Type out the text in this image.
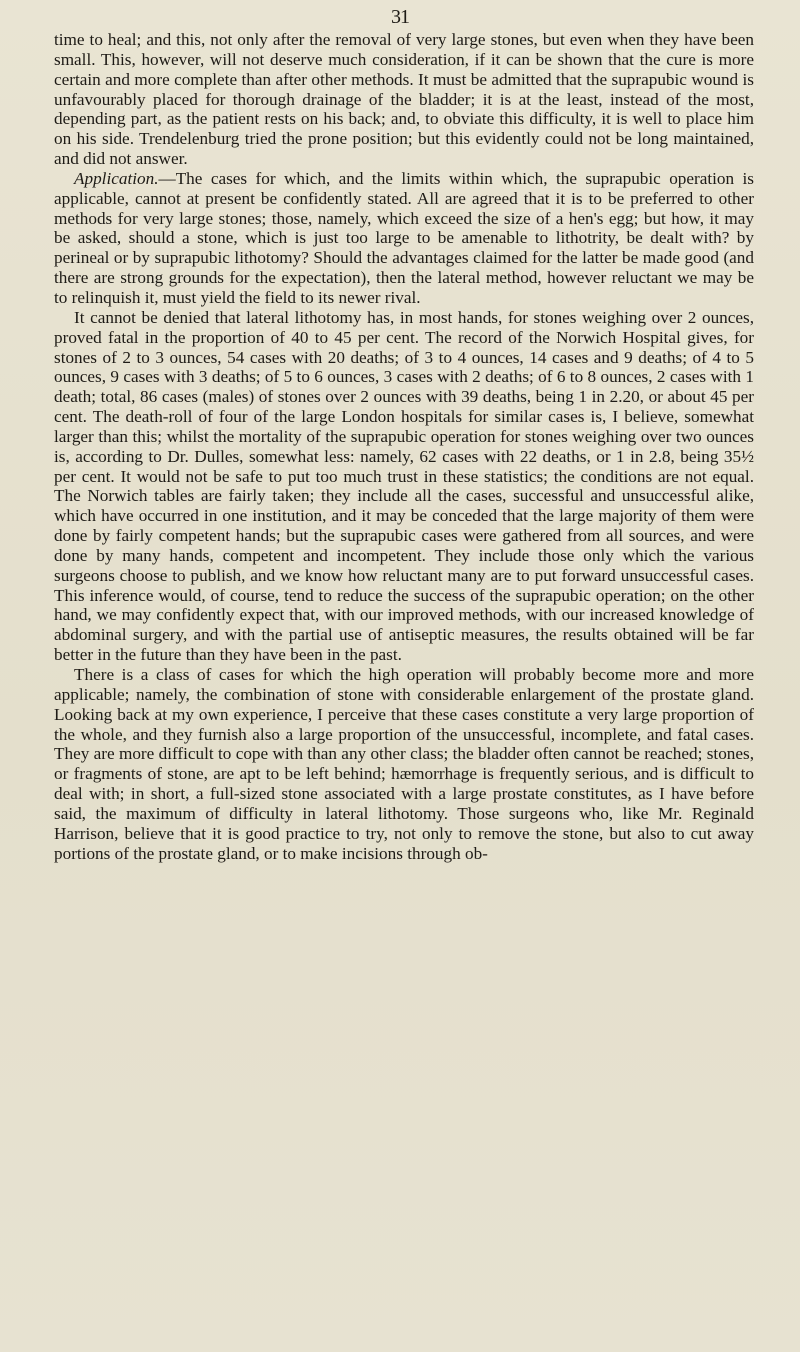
31

time to heal; and this, not only after the removal of very large stones, but even when they have been small. This, however, will not deserve much consideration, if it can be shown that the cure is more certain and more complete than after other methods. It must be admitted that the suprapubic wound is unfavourably placed for thorough drainage of the bladder; it is at the least, instead of the most, depending part, as the patient rests on his back; and, to obviate this difficulty, it is well to place him on his side. Trendelenburg tried the prone position; but this evidently could not be long maintained, and did not answer.

Application.—The cases for which, and the limits within which, the suprapubic operation is applicable, cannot at present be confidently stated. All are agreed that it is to be preferred to other methods for very large stones; those, namely, which exceed the size of a hen's egg; but how, it may be asked, should a stone, which is just too large to be amenable to lithotrity, be dealt with? by perineal or by suprapubic lithotomy? Should the advantages claimed for the latter be made good (and there are strong grounds for the expectation), then the lateral method, however reluctant we may be to relinquish it, must yield the field to its newer rival.

It cannot be denied that lateral lithotomy has, in most hands, for stones weighing over 2 ounces, proved fatal in the proportion of 40 to 45 per cent. The record of the Norwich Hospital gives, for stones of 2 to 3 ounces, 54 cases with 20 deaths; of 3 to 4 ounces, 14 cases and 9 deaths; of 4 to 5 ounces, 9 cases with 3 deaths; of 5 to 6 ounces, 3 cases with 2 deaths; of 6 to 8 ounces, 2 cases with 1 death; total, 86 cases (males) of stones over 2 ounces with 39 deaths, being 1 in 2.20, or about 45 per cent. The death-roll of four of the large London hospitals for similar cases is, I believe, somewhat larger than this; whilst the mortality of the suprapubic operation for stones weighing over two ounces is, according to Dr. Dulles, somewhat less: namely, 62 cases with 22 deaths, or 1 in 2.8, being 35½ per cent. It would not be safe to put too much trust in these statistics; the conditions are not equal. The Norwich tables are fairly taken; they include all the cases, successful and unsuccessful alike, which have occurred in one institution, and it may be conceded that the large majority of them were done by fairly competent hands; but the suprapubic cases were gathered from all sources, and were done by many hands, competent and incompetent. They include those only which the various surgeons choose to publish, and we know how reluctant many are to put forward unsuccessful cases. This inference would, of course, tend to reduce the success of the suprapubic operation; on the other hand, we may confidently expect that, with our improved methods, with our increased knowledge of abdominal surgery, and with the partial use of antiseptic measures, the results obtained will be far better in the future than they have been in the past.

There is a class of cases for which the high operation will probably become more and more applicable; namely, the combination of stone with considerable enlargement of the prostate gland. Looking back at my own experience, I perceive that these cases constitute a very large proportion of the whole, and they furnish also a large proportion of the unsuccessful, incomplete, and fatal cases. They are more difficult to cope with than any other class; the bladder often cannot be reached; stones, or fragments of stone, are apt to be left behind; hæmorrhage is frequently serious, and is difficult to deal with; in short, a full-sized stone associated with a large prostate constitutes, as I have before said, the maximum of difficulty in lateral lithotomy. Those surgeons who, like Mr. Reginald Harrison, believe that it is good practice to try, not only to remove the stone, but also to cut away portions of the prostate gland, or to make incisions through ob-
